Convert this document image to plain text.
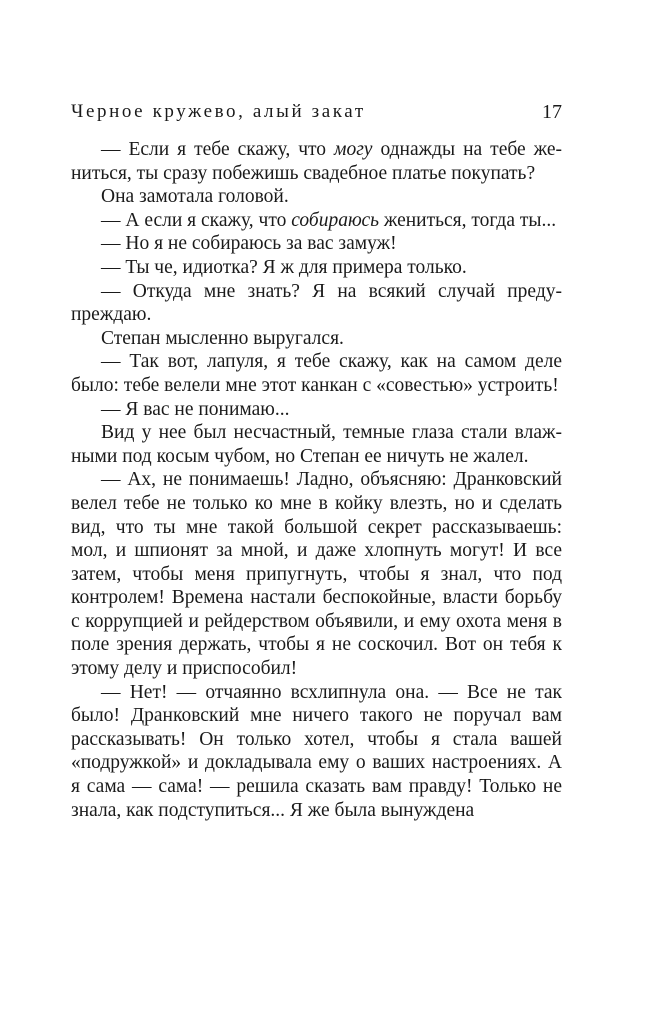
Черное кружево, алый закат	17

— Если я тебе скажу, что могу однажды на тебе жениться, ты сразу побежишь свадебное платье покупать?

Она замотала головой.

— А если я скажу, что собираюсь жениться, тогда ты...

— Но я не собираюсь за вас замуж!

— Ты че, идиотка? Я ж для примера только.

— Откуда мне знать? Я на всякий случай предупреждаю.

Степан мысленно выругался.

— Так вот, лапуля, я тебе скажу, как на самом деле было: тебе велели мне этот канкан с «совестью» устроить!

— Я вас не понимаю...

Вид у нее был несчастный, темные глаза стали влажными под косым чубом, но Степан ее ничуть не жалел.

— Ах, не понимаешь! Ладно, объясняю: Дранковский велел тебе не только ко мне в койку влезть, но и сделать вид, что ты мне такой большой секрет рассказываешь: мол, и шпионят за мной, и даже хлопнуть могут! И все затем, чтобы меня припугнуть, чтобы я знал, что под контролем! Времена настали беспокойные, власти борьбу с коррупцией и рейдерством объявили, и ему охота меня в поле зрения держать, чтобы я не соскочил. Вот он тебя к этому делу и приспособил!

— Нет! — отчаянно всхлипнула она. — Все не так было! Дранковский мне ничего такого не поручал вам рассказывать! Он только хотел, чтобы я стала вашей «подружкой» и докладывала ему о ваших настроениях. А я сама — сама! — решила сказать вам правду! Только не знала, как подступиться... Я же была вынуждена
